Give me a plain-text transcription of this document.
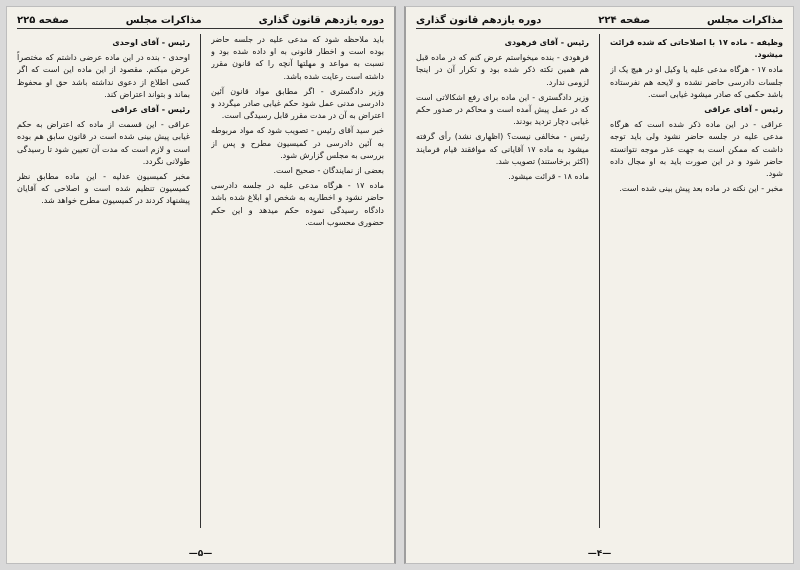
صفحه ۲۲۵	مذاکرات مجلس	دوره يازدهم قانون گذاری

رئیس - آقای اوحدی

اوحدی - بنده در این ماده عرضی داشتم که مختصراً عرض میکنم. مقصود از این ماده این است که اگر کسی اطلاع از دعوی نداشته باشد حق او محفوظ بماند و بتواند اعتراض کند.

رئیس - آقای عراقی

عراقی - این قسمت از ماده که اعتراض به حکم غیابی پیش بینی شده است در قانون سابق هم بوده است و لازم است که مدت آن تعیین شود تا رسیدگی طولانی نگردد.

مخبر کمیسیون عدلیه - این ماده مطابق نظر کمیسیون تنظیم شده است و اصلاحی که آقایان پیشنهاد کردند در کمیسیون مطرح خواهد شد.

باید ملاحظه شود که مدعی علیه در جلسه حاضر بوده است و اخطار قانونی به او داده شده بود و نسبت به مواعد و مهلتها آنچه را که قانون مقرر داشته است رعایت شده باشد.

وزیر دادگستری - اگر مطابق مواد قانون آئین دادرسی مدنی عمل شود حکم غیابی صادر میگردد و اعتراض به آن در مدت مقرر قابل رسیدگی است.

خبر سید آقای رئیس - تصویب شود که مواد مربوطه به آئین دادرسی در کمیسیون مطرح و پس از بررسی به مجلس گزارش شود.

بعضی از نمایندگان - صحیح است.

ماده ۱۷ - هرگاه مدعی علیه در جلسه دادرسی حاضر نشود و اخطاریه به شخص او ابلاغ شده باشد دادگاه رسیدگی نموده حکم میدهد و این حکم حضوری محسوب است.

—۵—
دوره يازدهم قانون گذاری	صفحه ۲۲۴	مذاکرات مجلس

رئیس - آقای فرهودی

فرهودی - بنده میخواستم عرض کنم که در ماده قبل هم همین نکته ذکر شده بود و تکرار آن در اینجا لزومی ندارد.

وزیر دادگستری - این ماده برای رفع اشکالاتی است که در عمل پیش آمده است و محاکم در صدور حکم غیابی دچار تردید بودند.

رئیس - مخالفی نیست؟ (اظهاری نشد) رأی گرفته میشود به ماده ۱۷ آقایانی که موافقند قیام فرمایند (اکثر برخاستند) تصویب شد.

ماده ۱۸ - قرائت میشود.

وظیفه - ماده ۱۷ با اصلاحاتی که شده قرائت میشود.

ماده ۱۷ - هرگاه مدعی علیه یا وکیل او در هیچ یک از جلسات دادرسی حاضر نشده و لایحه هم نفرستاده باشد حکمی که صادر میشود غیابی است.

رئیس - آقای عراقی

عراقی - در این ماده ذکر شده است که هرگاه مدعی علیه در جلسه حاضر نشود ولی باید توجه داشت که ممکن است به جهت عذر موجه نتوانسته حاضر شود و در این صورت باید به او مجال داده شود.

مخبر - این نکته در ماده بعد پیش بینی شده است.

—۴—
